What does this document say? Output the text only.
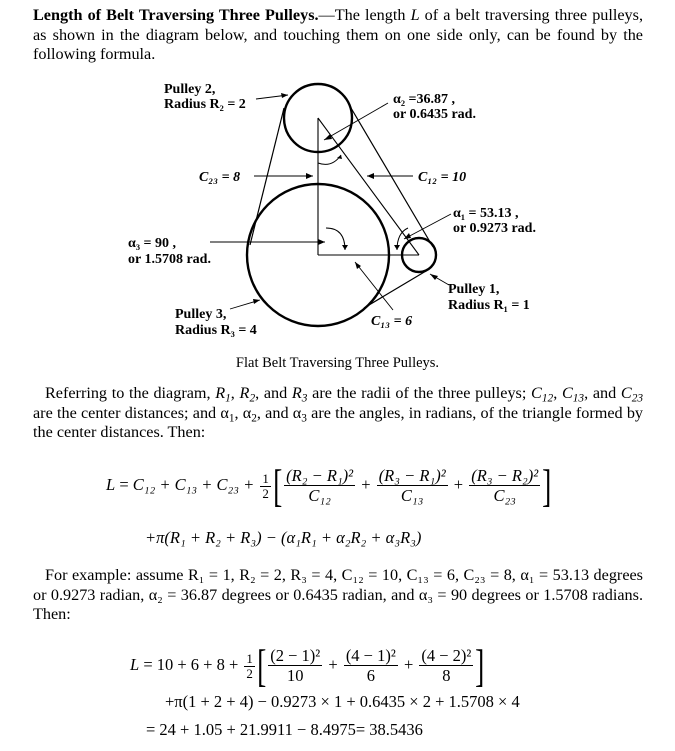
Length of Belt Traversing Three Pulleys.—The length L of a belt traversing three pulleys, as shown in the diagram below, and touching them on one side only, can be found by the following formula.
Pulley 2,
Radius R₂ = 2	α₂ =36.87 ,
or 0.6435 rad.
C₂₃ = 8	C₁₂ = 10
α₁ = 53.13 ,
or 0.9273 rad.
α₃ = 90 ,
or 1.5708 rad.
Pulley 1,
Radius R₁ = 1
Pulley 3,
Radius R₃ = 4
C₁₃ = 6
Flat Belt Traversing Three Pulleys.
Referring to the diagram, $R_1$, $R_2$, and $R_3$ are the radii of the three pulleys; $C_{12}$, $C_{13}$, and $C_{23}$ are the center distances; and $\alpha_1$, $\alpha_2$, and $\alpha_3$ are the angles, in radians, of the triangle formed by the center distances. Then:
$L = C_{12} + C_{13} + C_{23} + \frac{1}{2}$ [ $\frac{\text{(R₂ − R₁)²}}{\text{C₁₂}} + \frac{\text{(R₃ − R₁)²}}{\text{C₁₃}} + \frac{\text{(R₃ − R₂)²}}{\text{C₂₃}}$ ]
+π(R₁ + R₂ + R₃) − (α₁R₁ + α₂R₂ + α₃R₃)
For example: assume R₁ = 1, R₂ = 2, R₃ = 4, C₁₂ = 10, C₁₃ = 6, C₂₃ = 8, α₁ = 53.13 degrees or 0.9273 radian, α₂ = 36.87 degrees or 0.6435 radian, and α₃ = 90 degrees or 1.5708 radians. Then:
$L = 10 + 6 + 8 + \frac{1}{2}$ [ $\frac{\text{(2 − 1)²}}{10} + \frac{\text{(4 − 1)²}}{6} + \frac{\text{(4 − 2)²}}{8}$ ]
+π(1 + 2 + 4) − 0.9273 × 1 + 0.6435 × 2 + 1.5708 × 4
= 24 + 1.05 + 21.9911 − 8.4975= 38.5436
